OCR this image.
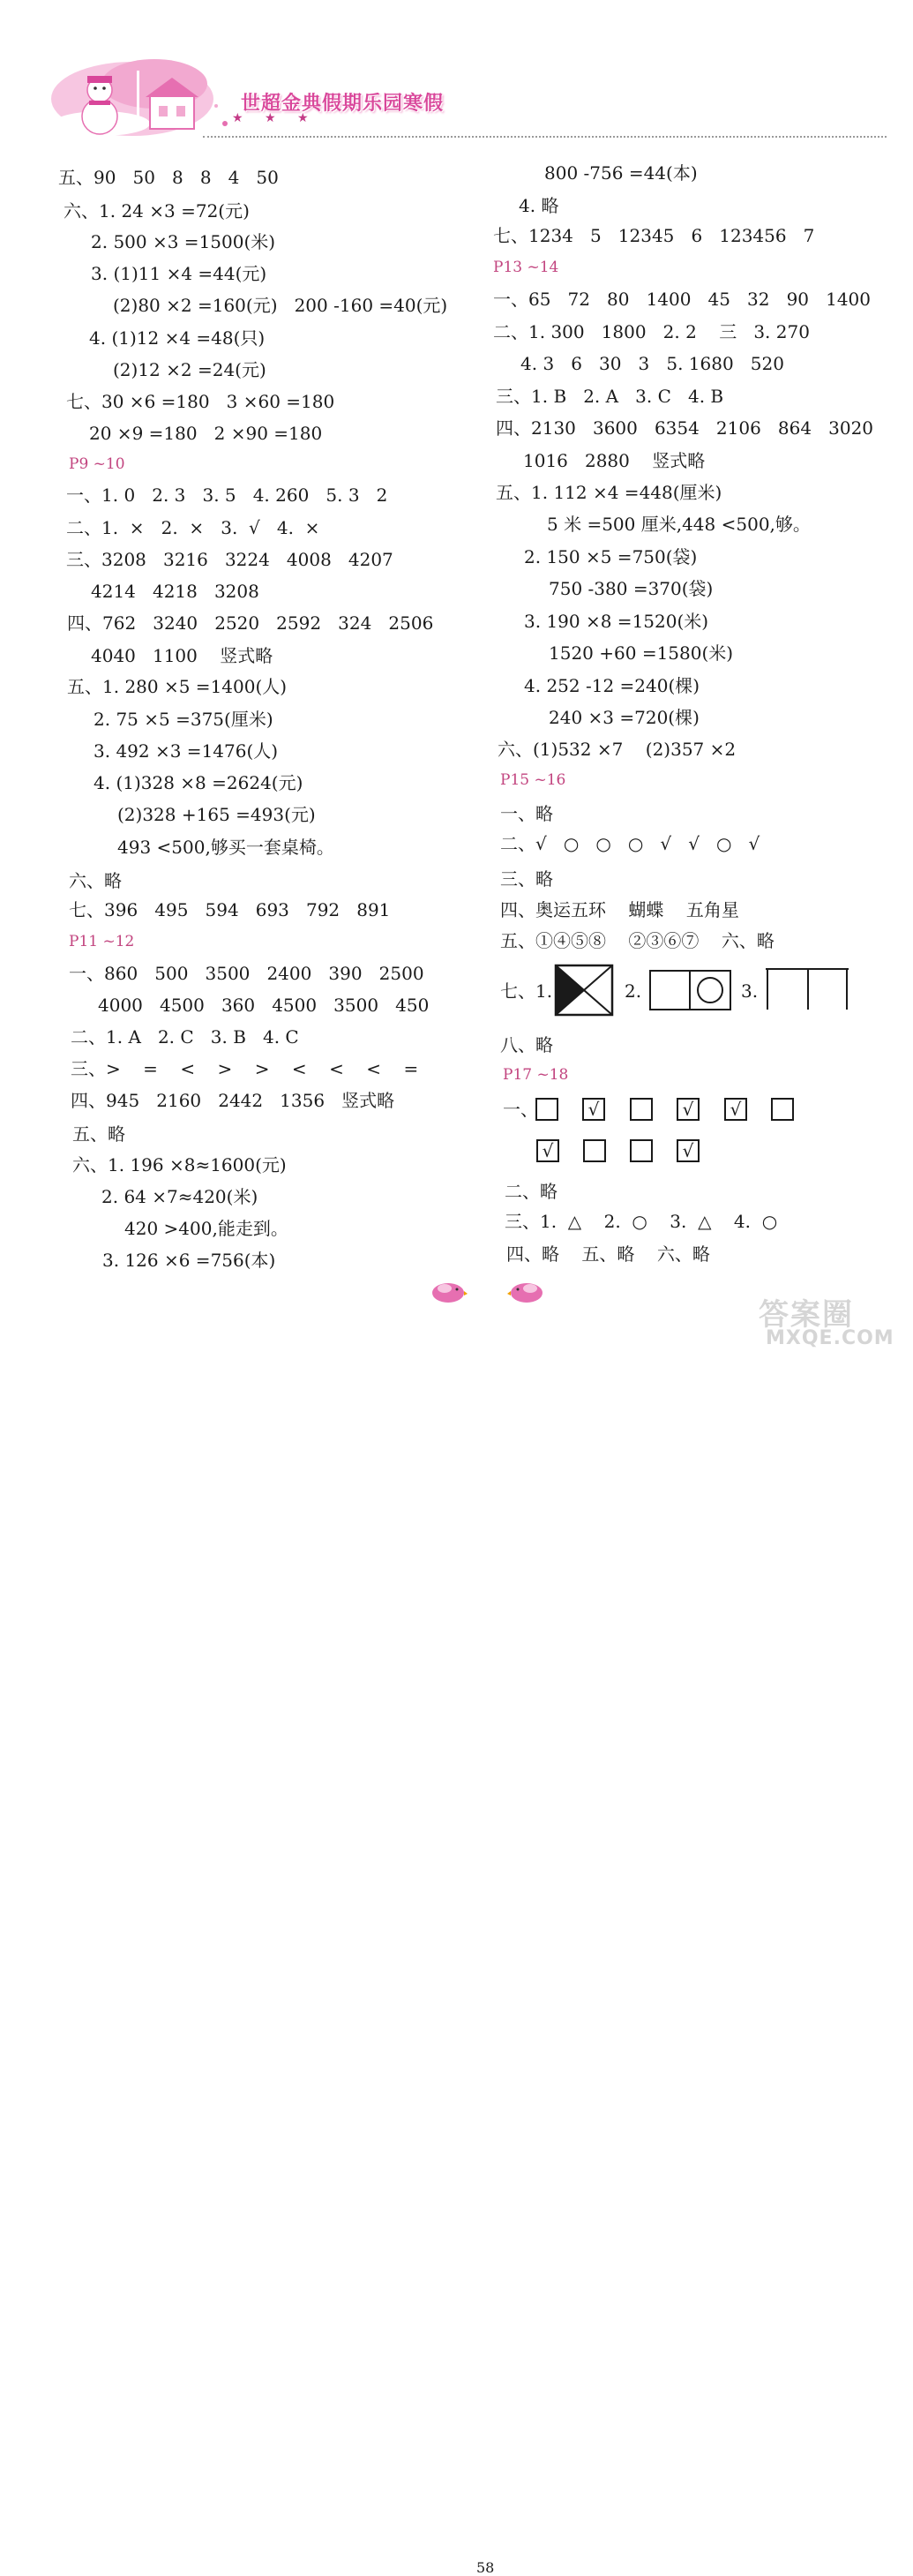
世超金典假期乐园寒假
★ ★ ★
五、90   50   8   8   4   50
六、1. 24 ×3 =72(元)
2. 500 ×3 =1500(米)
3. (1)11 ×4 =44(元)
(2)80 ×2 =160(元)   200 -160 =40(元)
4. (1)12 ×4 =48(只)
(2)12 ×2 =24(元)
七、30 ×6 =180   3 ×60 =180
20 ×9 =180   2 ×90 =180
P9 ~10
一、1. 0   2. 3   3. 5   4. 260   5. 3   2
二、1.  ×   2.  ×   3.  √   4.  ×
三、3208   3216   3224   4008   4207
4214   4218   3208
四、762   3240   2520   2592   324   2506
4040   1100    竖式略
五、1. 280 ×5 =1400(人)
2. 75 ×5 =375(厘米)
3. 492 ×3 =1476(人)
4. (1)328 ×8 =2624(元)
(2)328 +165 =493(元)
493 <500,够买一套桌椅。
六、略
七、396   495   594   693   792   891
P11 ~12
一、860   500   3500   2400   390   2500
4000   4500   360   4500   3500   450
二、1. A   2. C   3. B   4. C
三、>    =    <    >    >    <    <    <    =
四、945   2160   2442   1356   竖式略
五、略
六、1. 196 ×8≈1600(元)
2. 64 ×7≈420(米)
420 >400,能走到。
3. 126 ×6 =756(本)
800 -756 =44(本)
4. 略
七、1234   5   12345   6   123456   7
P13 ~14
一、65   72   80   1400   45   32   90   1400
二、1. 300   1800   2. 2    三   3. 270
4. 3   6   30   3   5. 1680   520
三、1. B   2. A   3. C   4. B
四、2130   3600   6354   2106   864   3020
1016   2880    竖式略
五、1. 112 ×4 =448(厘米)
5 米 =500 厘米,448 <500,够。
2. 150 ×5 =750(袋)
750 -380 =370(袋)
3. 190 ×8 =1520(米)
1520 +60 =1580(米)
4. 252 -12 =240(棵)
240 ×3 =720(棵)
六、(1)532 ×7    (2)357 ×2
P15 ~16
一、略
二、√   ○   ○   ○   √   √   ○   √
三、略
四、奥运五环    蝴蝶    五角星
五、①④⑤⑧    ②③⑥⑦    六、略
七、1.	2.	3.
八、略
P17 ~18
一、	√	√	√
√	√
二、略
三、1.  △    2.  ○    3.  △    4.  ○
四、略    五、略    六、略
58
答案圈
MXQE.COM
